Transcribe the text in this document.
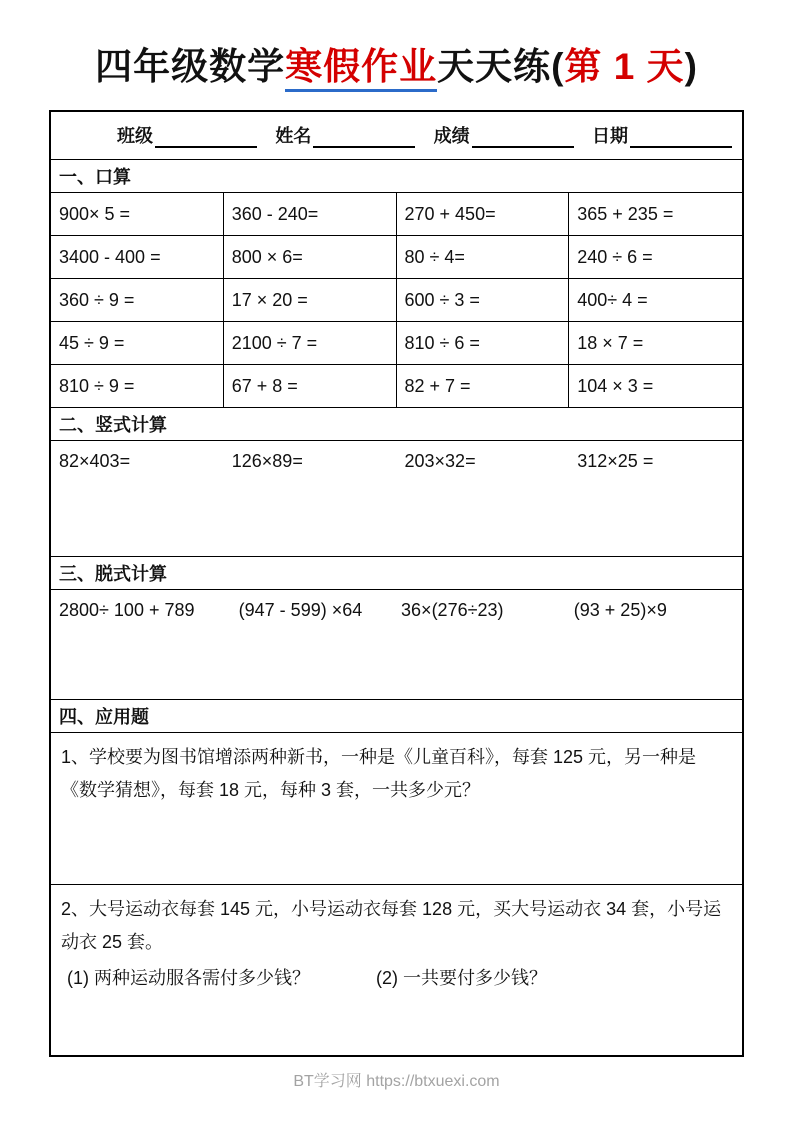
四年级数学寒假作业天天练(第 1 天)
班级	姓名	成绩	日期
一、口算
900× 5 =	360 - 240=	270 + 450=	365 + 235 =
3400 - 400 =	800 × 6=	80 ÷ 4=	240 ÷ 6 =
360 ÷ 9 =	17 × 20 =	600 ÷ 3 =	400÷ 4 =
45 ÷ 9 =	2100 ÷ 7 =	810 ÷ 6 =	18 × 7 =
810 ÷ 9 =	67 + 8 =	82 + 7 =	104 × 3 =
二、竖式计算
82×403=	126×89=	203×32=	312×25 =
三、脱式计算
2800÷ 100 + 789	(947 - 599) ×64	36×(276÷23)	(93 + 25)×9
四、应用题
1、学校要为图书馆增添两种新书，一种是《儿童百科》，每套 125 元，另一种是《数学猜想》，每套 18 元，每种 3 套，一共多少元？
2、大号运动衣每套 145 元，小号运动衣每套 128 元，买大号运动衣 34 套，小号运动衣 25 套。
(1) 两种运动服各需付多少钱？	(2) 一共要付多少钱？
BT学习网 https://btxuexi.com
